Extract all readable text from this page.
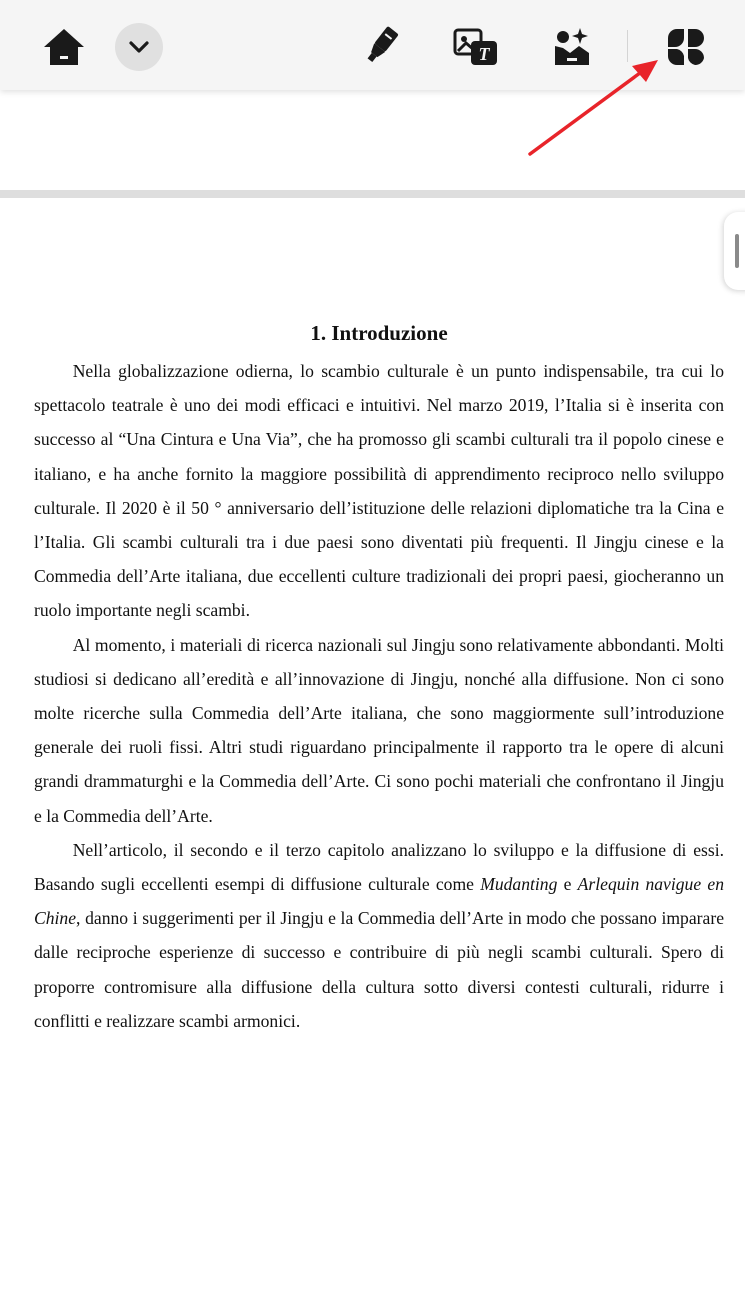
T
1. Introduzione

Nella globalizzazione odierna, lo scambio culturale è un punto indispensabile, tra cui lo spettacolo teatrale è uno dei modi efficaci e intuitivi. Nel marzo 2019, l’Italia si è inserita con successo al “Una Cintura e Una Via”, che ha promosso gli scambi culturali tra il popolo cinese e italiano, e ha anche fornito la maggiore possibilità di apprendimento reciproco nello sviluppo culturale. Il 2020 è il 50 ° anniversario dell’istituzione delle relazioni diplomatiche tra la Cina e l’Italia. Gli scambi culturali tra i due paesi sono diventati più frequenti. Il Jingju cinese e la Commedia dell’Arte italiana, due eccellenti culture tradizionali dei propri paesi, giocheranno un ruolo importante negli scambi.

Al momento, i materiali di ricerca nazionali sul Jingju sono relativamente abbondanti. Molti studiosi si dedicano all’eredità e all’innovazione di Jingju, nonché alla diffusione. Non ci sono molte ricerche sulla Commedia dell’Arte italiana, che sono maggiormente sull’introduzione generale dei ruoli fissi. Altri studi riguardano principalmente il rapporto tra le opere di alcuni grandi drammaturghi e la Commedia dell’Arte. Ci sono pochi materiali che confrontano il Jingju e la Commedia dell’Arte.

Nell’articolo, il secondo e il terzo capitolo analizzano lo sviluppo e la diffusione di essi. Basando sugli eccellenti esempi di diffusione culturale come Mudanting e Arlequin navigue en Chine, danno i suggerimenti per il Jingju e la Commedia dell’Arte in modo che possano imparare dalle reciproche esperienze di successo e contribuire di più negli scambi culturali. Spero di proporre contromisure alla diffusione della cultura sotto diversi contesti culturali, ridurre i conflitti e realizzare scambi armonici.
